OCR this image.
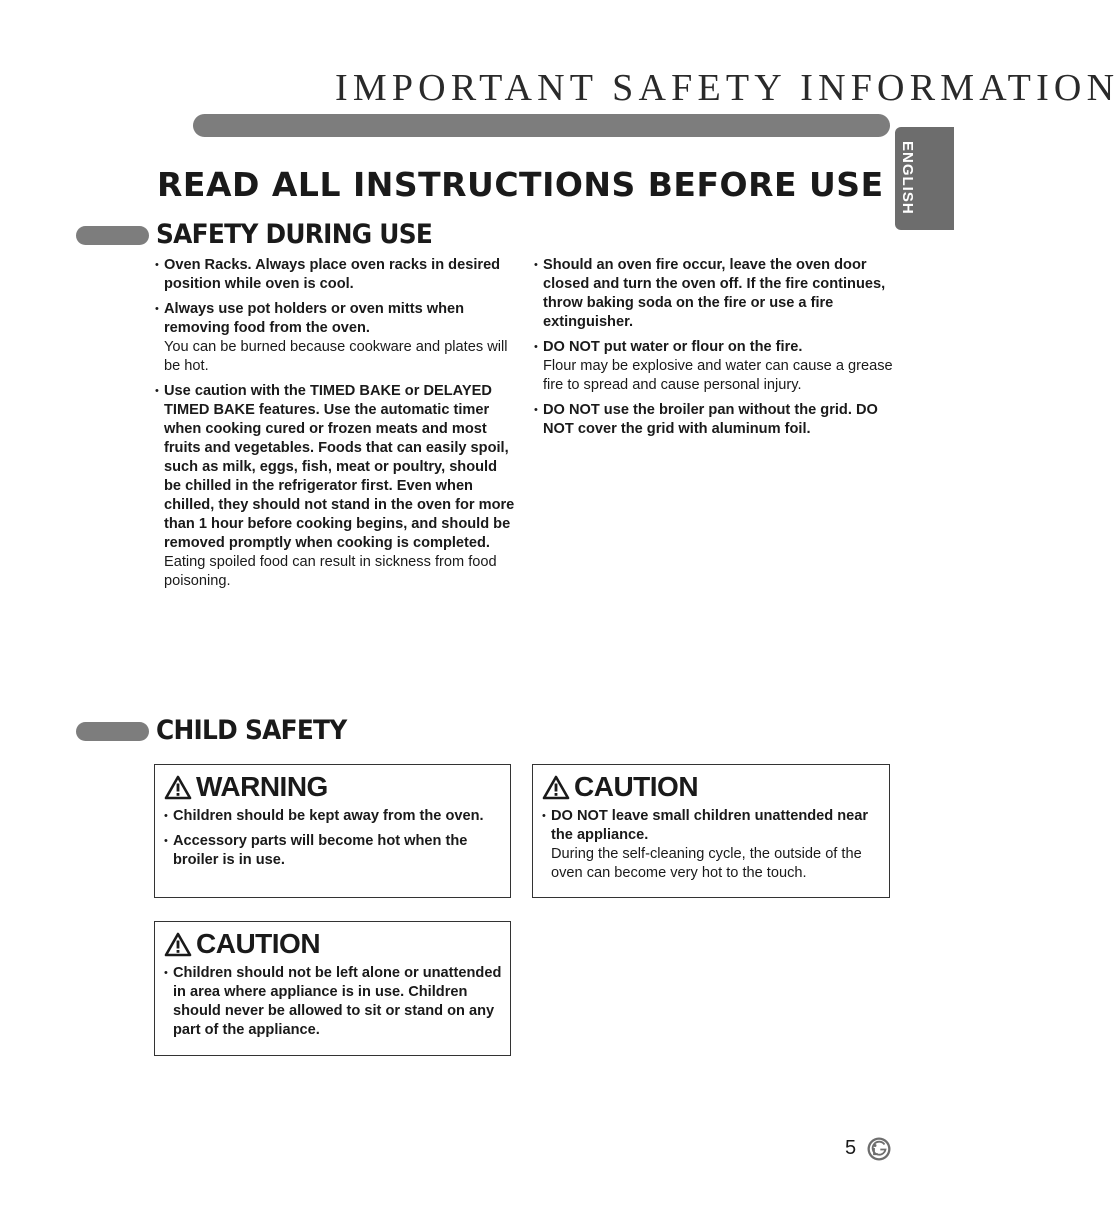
IMPORTANT SAFETY INFORMATION
ENGLISH
READ ALL INSTRUCTIONS BEFORE USE
SAFETY DURING USE
• Oven Racks. Always place oven racks in desired position while oven is cool.
• Always use pot holders or oven mitts when removing food from the oven.
You can be burned because cookware and plates will be hot.
• Use caution with the TIMED BAKE or DELAYED TIMED BAKE features. Use the automatic timer when cooking cured or frozen meats and most fruits and vegetables. Foods that can easily spoil, such as milk, eggs, fish, meat or poultry, should be chilled in the refrigerator first. Even when chilled, they should not stand in the oven for more than 1 hour before cooking begins, and should be removed promptly when cooking is completed.
Eating spoiled food can result in sickness from food poisoning.
• Should an oven fire occur, leave the oven door closed and turn the oven off. If the fire continues, throw baking soda on the fire or use a fire extinguisher.
• DO NOT put water or flour on the fire.
Flour may be explosive and water can cause a grease fire to spread and cause personal injury.
• DO NOT use the broiler pan without the grid. DO NOT cover the grid with aluminum foil.
CHILD SAFETY
WARNING
• Children should be kept away from the oven.
• Accessory parts will become hot when the broiler is in use.
CAUTION
• DO NOT leave small children unattended near the appliance.
During the self-cleaning cycle, the outside of the oven can become very hot to the touch.
CAUTION
• Children should not be left alone or unattended in area where appliance is in use. Children should never be allowed to sit or stand on any part of the appliance.
5	LG
